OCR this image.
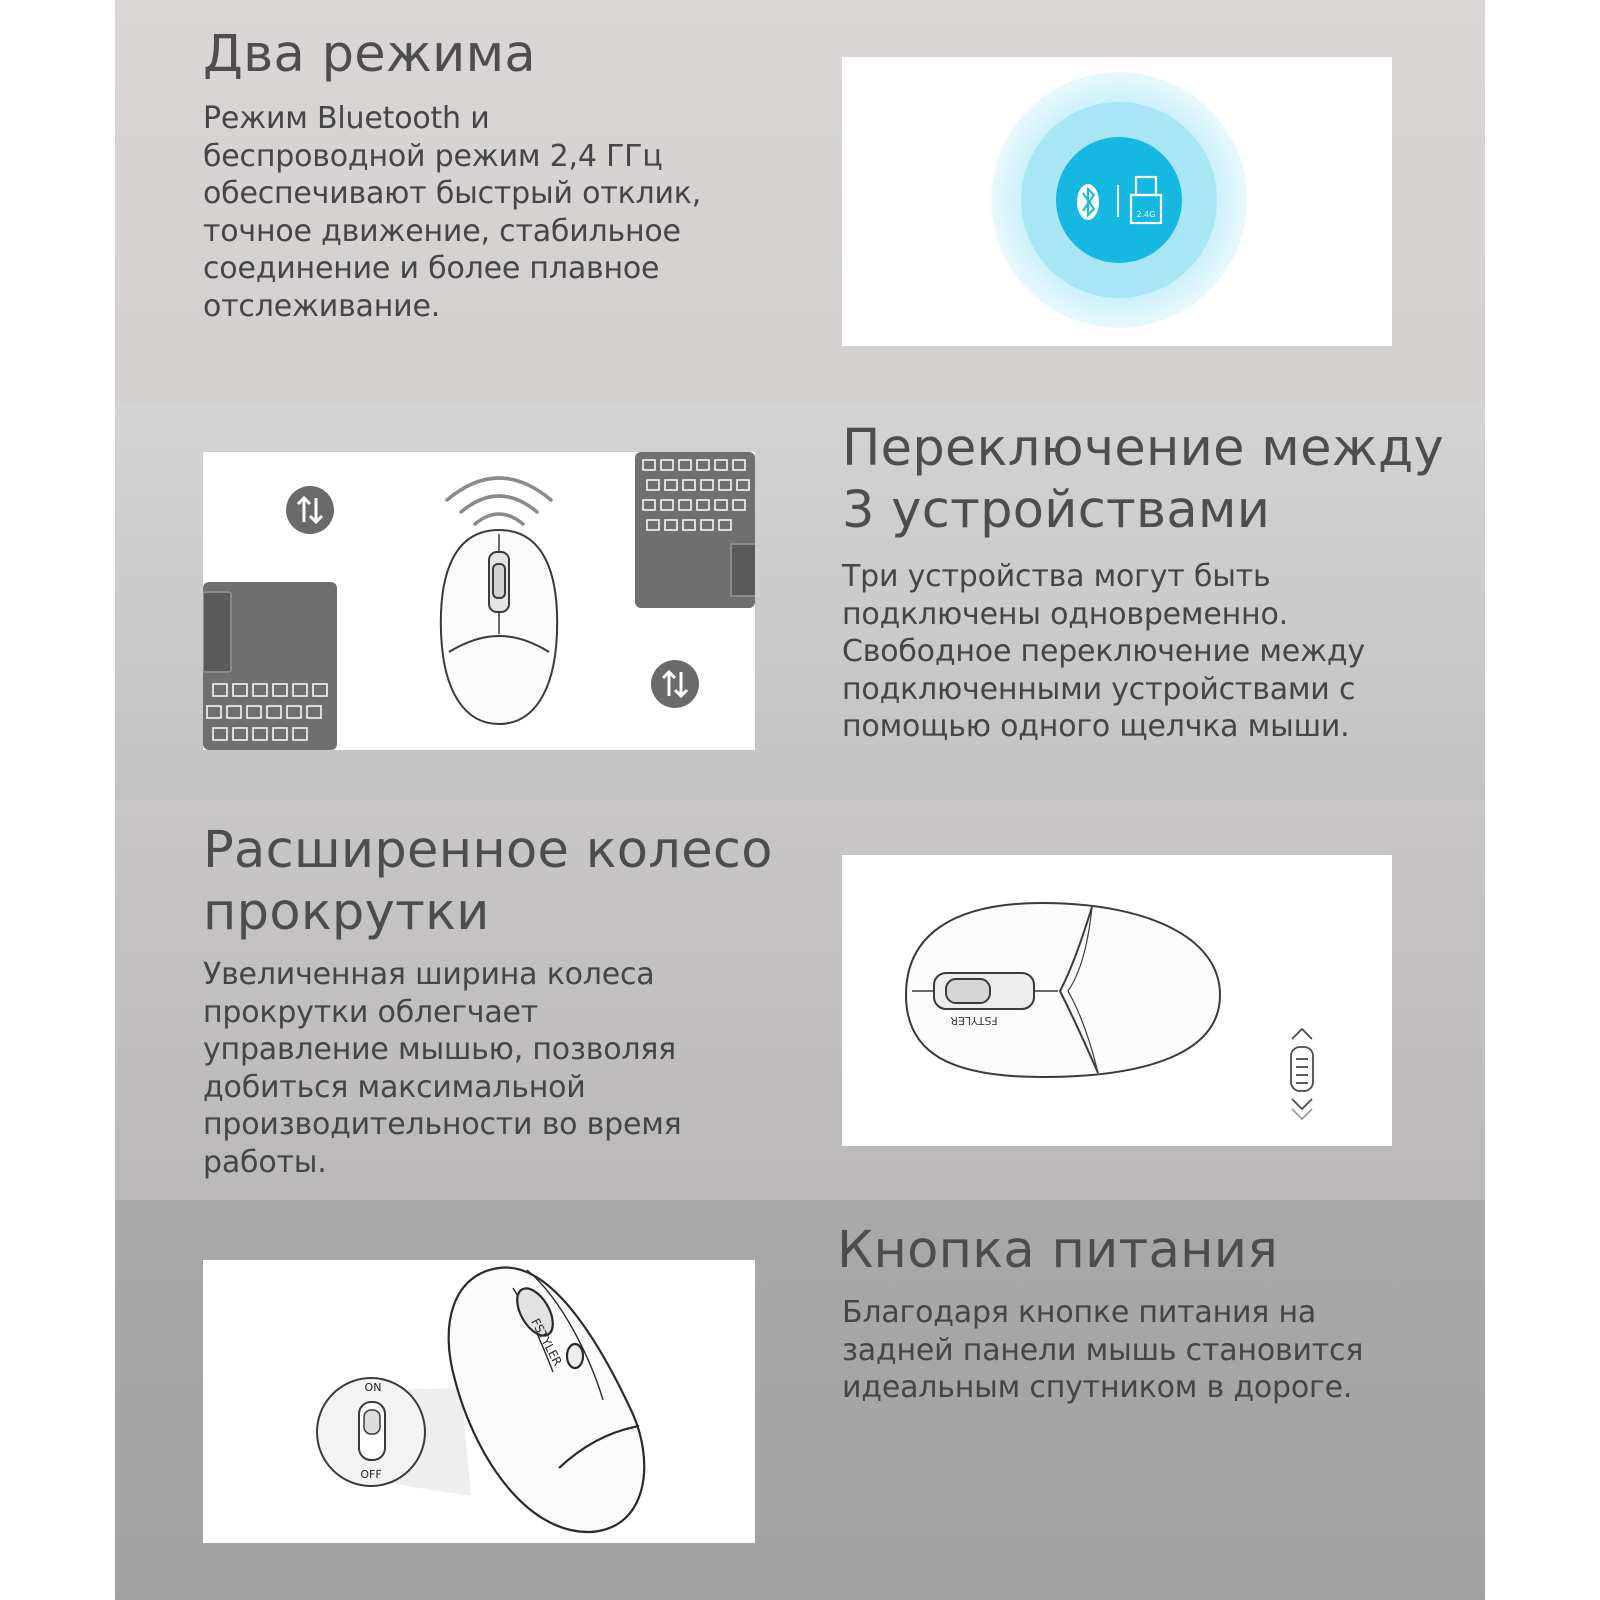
Два режима
Режим Bluetooth и
беспроводной режим 2,4 ГГц
обеспечивают быстрый отклик,
точное движение, стабильное
соединение и более плавное
отслеживание.
2.4G
Переключение между
3 устройствами
Три устройства могут быть
подключены одновременно.
Свободное переключение между
подключенными устройствами с
помощью одного щелчка мыши.
Расширенное колесо
прокрутки
Увеличенная ширина колеса
прокрутки облегчает
управление мышью, позволяя
добиться максимальной
производительности во время
работы.
FSTYLER
ON
OFF
FSTYLER
Кнопка питания
Благодаря кнопке питания на
задней панели мышь становится
идеальным спутником в дороге.
